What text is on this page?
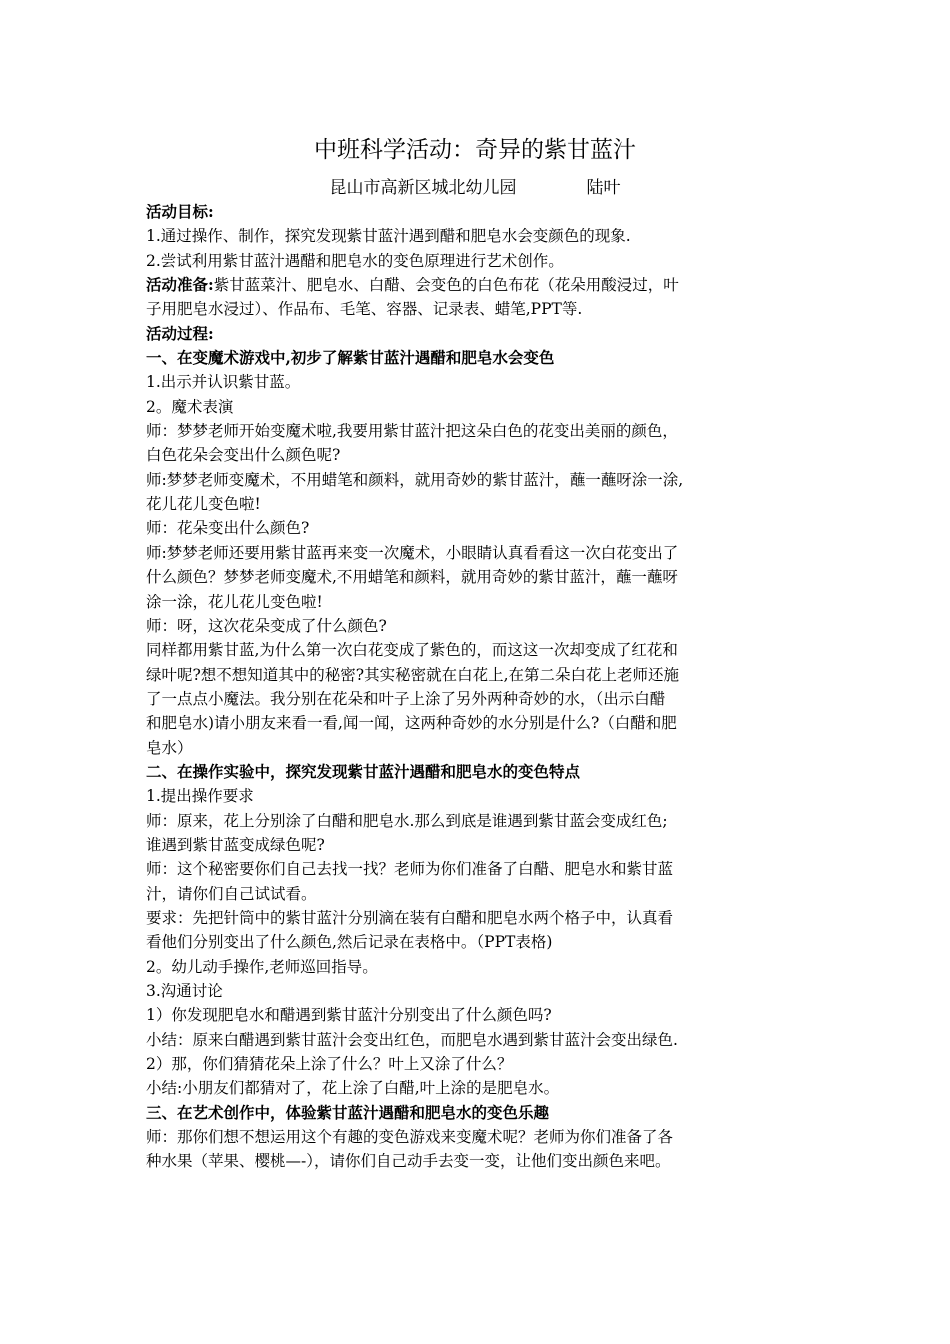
中班科学活动：奇异的紫甘蓝汁
昆山市高新区城北幼儿园	陆叶

活动目标:

1.通过操作、制作，探究发现紫甘蓝汁遇到醋和肥皂水会变颜色的现象.

2.尝试利用紫甘蓝汁遇醋和肥皂水的变色原理进行艺术创作。

活动准备:紫甘蓝菜汁、肥皂水、白醋、会变色的白色布花（花朵用酸浸过，叶

子用肥皂水浸过）、作品布、毛笔、容器、记录表、蜡笔,PPT等.

活动过程:

一、在变魔术游戏中,初步了解紫甘蓝汁遇醋和肥皂水会变色

1.出示并认识紫甘蓝。

2。魔术表演

师：梦梦老师开始变魔术啦,我要用紫甘蓝汁把这朵白色的花变出美丽的颜色，

白色花朵会变出什么颜色呢?

师:梦梦老师变魔术，不用蜡笔和颜料，就用奇妙的紫甘蓝汁，蘸一蘸呀涂一涂,

花儿花儿变色啦!

师：花朵变出什么颜色?

师:梦梦老师还要用紫甘蓝再来变一次魔术，小眼睛认真看看这一次白花变出了

什么颜色？梦梦老师变魔术,不用蜡笔和颜料，就用奇妙的紫甘蓝汁，蘸一蘸呀

涂一涂，花儿花儿变色啦!

师：呀，这次花朵变成了什么颜色?

同样都用紫甘蓝,为什么第一次白花变成了紫色的，而这这一次却变成了红花和

绿叶呢?想不想知道其中的秘密?其实秘密就在白花上,在第二朵白花上老师还施

了一点点小魔法。我分别在花朵和叶子上涂了另外两种奇妙的水，（出示白醋

和肥皂水)请小朋友来看一看,闻一闻，这两种奇妙的水分别是什么?（白醋和肥

皂水）

二、在操作实验中，探究发现紫甘蓝汁遇醋和肥皂水的变色特点

1.提出操作要求

师：原来，花上分别涂了白醋和肥皂水.那么到底是谁遇到紫甘蓝会变成红色;

谁遇到紫甘蓝变成绿色呢?

师：这个秘密要你们自己去找一找？老师为你们准备了白醋、肥皂水和紫甘蓝

汁，请你们自己试试看。

要求：先把针筒中的紫甘蓝汁分别滴在装有白醋和肥皂水两个格子中，认真看

看他们分别变出了什么颜色,然后记录在表格中。（PPT表格)

2。幼儿动手操作,老师巡回指导。

3.沟通讨论

1）你发现肥皂水和醋遇到紫甘蓝汁分别变出了什么颜色吗?

小结：原来白醋遇到紫甘蓝汁会变出红色，而肥皂水遇到紫甘蓝汁会变出绿色.

2）那，你们猜猜花朵上涂了什么？叶上又涂了什么？

小结:小朋友们都猜对了，花上涂了白醋,叶上涂的是肥皂水。

三、在艺术创作中，体验紫甘蓝汁遇醋和肥皂水的变色乐趣

师：那你们想不想运用这个有趣的变色游戏来变魔术呢？老师为你们准备了各

种水果（苹果、樱桃—-），请你们自己动手去变一变，让他们变出颜色来吧。
